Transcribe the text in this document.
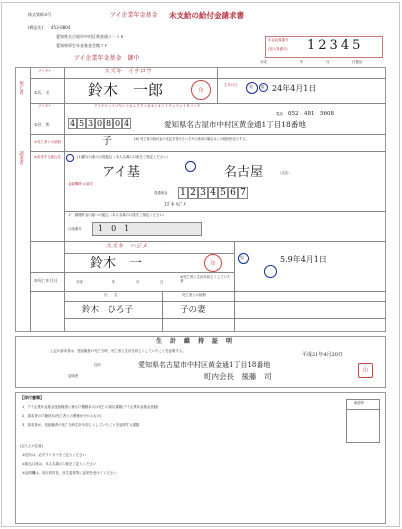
様式第絵③号	アイ企業年金基金 未支給の給付金請求書
(郵送先) 453-0804
愛知県名古屋市中村区黄金通１－１８
愛知県厚生年金基金会館７Ｆ
アイ企業年金基金　御中
年金証書番号
(加入員番号) 12345
平成	年	月	日提出
死亡者
フリガナ	スズキ　イチロウ
①氏　名	鈴木　一郎	印
男
生年月日	昭 24年4月1日
フリガナ	アイチケンナゴヤシナカムラクコガネトオリ１チョウメ１８バンチ
②住　所	4 5 3 0 8 0 4
電話 052　481　5608
愛知県名古屋市中村区黄金通1丁目18番地
請求者
③死亡者との続柄	子	(※) 死亡者の給付金の支払を受けるべき方の請求の場合はこの続柄を記入する。
④希望する振込先	(1)銀行口座の口座振込（本人名義の口座をご指定ください）
アイ基	名古屋	（支店）
普通預金 1 2 3 4 5 6 7
金融機関 お届印
ｽｽﾞｷ ﾊｼﾞﾒ
２．郵便貯金口座への振込（本人名義の口座をご指定ください）
口座番号 1　0　1
スズキ　ハジメ
鈴木　一	印
男	5.9年4月1日
⑤死亡年月日	平成	年	月	日
⑥死亡者と生計を同じくしていた者
氏　　名	死亡者との続柄
鈴木　ひろ子	子の妻
生　計　維　持　証　明
上記の請求者は、受給権者の死亡当時、死亡者と生計を同じくしていたことを証明する。
平成21年4月20日
住所	愛知県名古屋市中村区黄金通1丁目18番地
証明者	町内会長　後藤　司
印
【添付書類】
1．アイ企業年金基金受給権者に係る戸籍謄本又は死亡の届出書類(アイ企業年金基金登録)
2．請求者の戸籍抄本(死亡者との関係が分かるもの)
3．請求者が、受給権者の死亡当時生計を同じくしていたことを証明する書類
(記入上の注意)
①住所は、必ずフリガナをご記入ください
②振込口座は、本人名義の口座をご記入ください
③証明欄は、市区町村長、民生委員等に証明を受けてください
承認印
